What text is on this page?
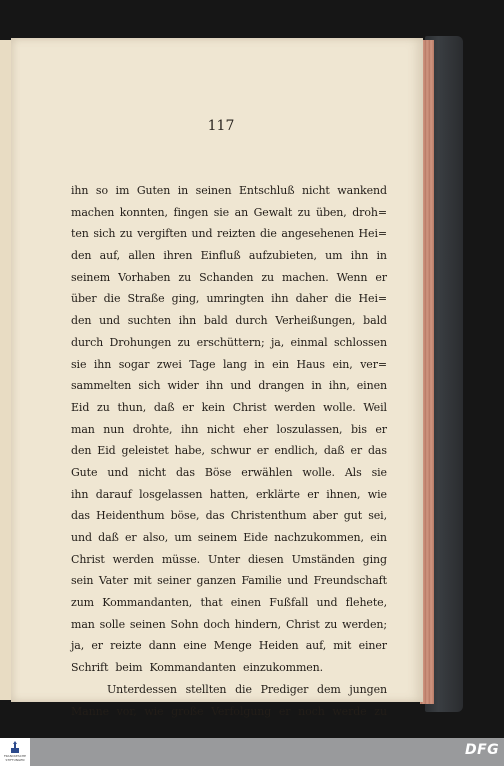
117
ihn so im Guten in seinen Entschluß nicht wankend
machen konnten, fingen sie an Gewalt zu üben, droh=
ten sich zu vergiften und reizten die angesehenen Hei=
den auf, allen ihren Einfluß aufzubieten, um ihn in
seinem Vorhaben zu Schanden zu machen. Wenn er
über die Straße ging, umringten ihn daher die Hei=
den und suchten ihn bald durch Verheißungen, bald
durch Drohungen zu erschüttern; ja, einmal schlossen
sie ihn sogar zwei Tage lang in ein Haus ein, ver=
sammelten sich wider ihn und drangen in ihn, einen
Eid zu thun, daß er kein Christ werden wolle. Weil
man nun drohte, ihn nicht eher loszulassen, bis er
den Eid geleistet habe, schwur er endlich, daß er das
Gute und nicht das Böse erwählen wolle. Als sie
ihn darauf losgelassen hatten, erklärte er ihnen, wie
das Heidenthum böse, das Christenthum aber gut sei,
und daß er also, um seinem Eide nachzukommen, ein
Christ werden müsse. Unter diesen Umständen ging
sein Vater mit seiner ganzen Familie und Freundschaft
zum Kommandanten, that einen Fußfall und flehete,
man solle seinen Sohn doch hindern, Christ zu werden;
ja, er reizte dann eine Menge Heiden auf, mit einer
Schrift beim Kommandanten einzukommen.
Unterdessen stellten die Prediger dem jungen
Manne vor, wie große Verfolgung er noch werde zu
FRANCKESCHE
STIFTUNGEN
DFG
